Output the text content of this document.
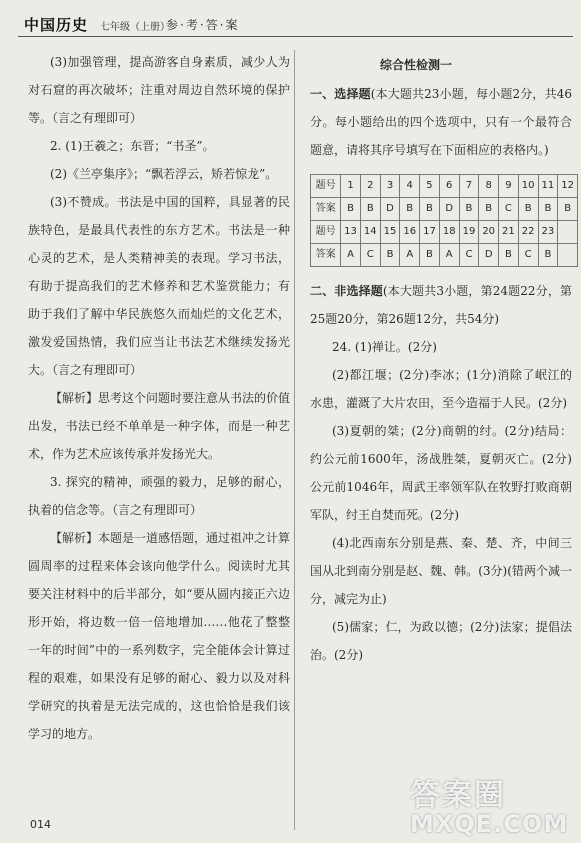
中国历史 七年级（上册）
参·考·答·案

(3)加强管理，提高游客自身素质，减少人为对石窟的再次破坏；注重对周边自然环境的保护等。（言之有理即可）

2. (1)王羲之；东晋；“书圣”。

(2)《兰亭集序》；“飘若浮云，矫若惊龙”。

(3)不赞成。书法是中国的国粹，具显著的民族特色，是最具代表性的东方艺术。书法是一种心灵的艺术，是人类精神美的表现。学习书法，有助于提高我们的艺术修养和艺术鉴赏能力；有助于我们了解中华民族悠久而灿烂的文化艺术，激发爱国热情，我们应当让书法艺术继续发扬光大。（言之有理即可）

【解析】思考这个问题时要注意从书法的价值出发，书法已经不单单是一种字体，而是一种艺术，作为艺术应该传承并发扬光大。

3. 探究的精神，顽强的毅力，足够的耐心，执着的信念等。（言之有理即可）

【解析】本题是一道感悟题，通过祖冲之计算圆周率的过程来体会该向他学什么。阅读时尤其要关注材料中的后半部分，如“要从圆内接正六边形开始，将边数一倍一倍地增加……他花了整整一年的时间”中的一系列数字，完全能体会计算过程的艰难，如果没有足够的耐心、毅力以及对科学研究的执着是无法完成的，这也恰恰是我们该学习的地方。

综合性检测一

一、选择题(本大题共23小题，每小题2分，共46分。每小题给出的四个选项中，只有一个最符合题意，请将其序号填写在下面相应的表格内。)

题号	1	2	3	4	5	6	7	8	9	10	11	12
答案	B	B	D	B	B	D	B	B	C	B	B	B
题号	13	14	15	16	17	18	19	20	21	22	23	
答案	A	C	B	A	B	A	C	D	B	C	B	

二、非选择题(本大题共3小题，第24题22分，第25题20分，第26题12分，共54分)

24. (1)禅让。(2分)

(2)都江堰；(2分)李冰；(1分)消除了岷江的水患，灌溉了大片农田，至今造福于人民。(2分)

(3)夏朝的桀；(2分)商朝的纣。(2分)结局：约公元前1600年，汤战胜桀，夏朝灭亡。(2分)公元前1046年，周武王率领军队在牧野打败商朝军队，纣王自焚而死。(2分)

(4)北西南东分别是燕、秦、楚、齐，中间三国从北到南分别是赵、魏、韩。(3分)(错两个减一分，减完为止)

(5)儒家；仁，为政以德；(2分)法家；提倡法治。(2分)

014
答案圈
MXQE.COM
